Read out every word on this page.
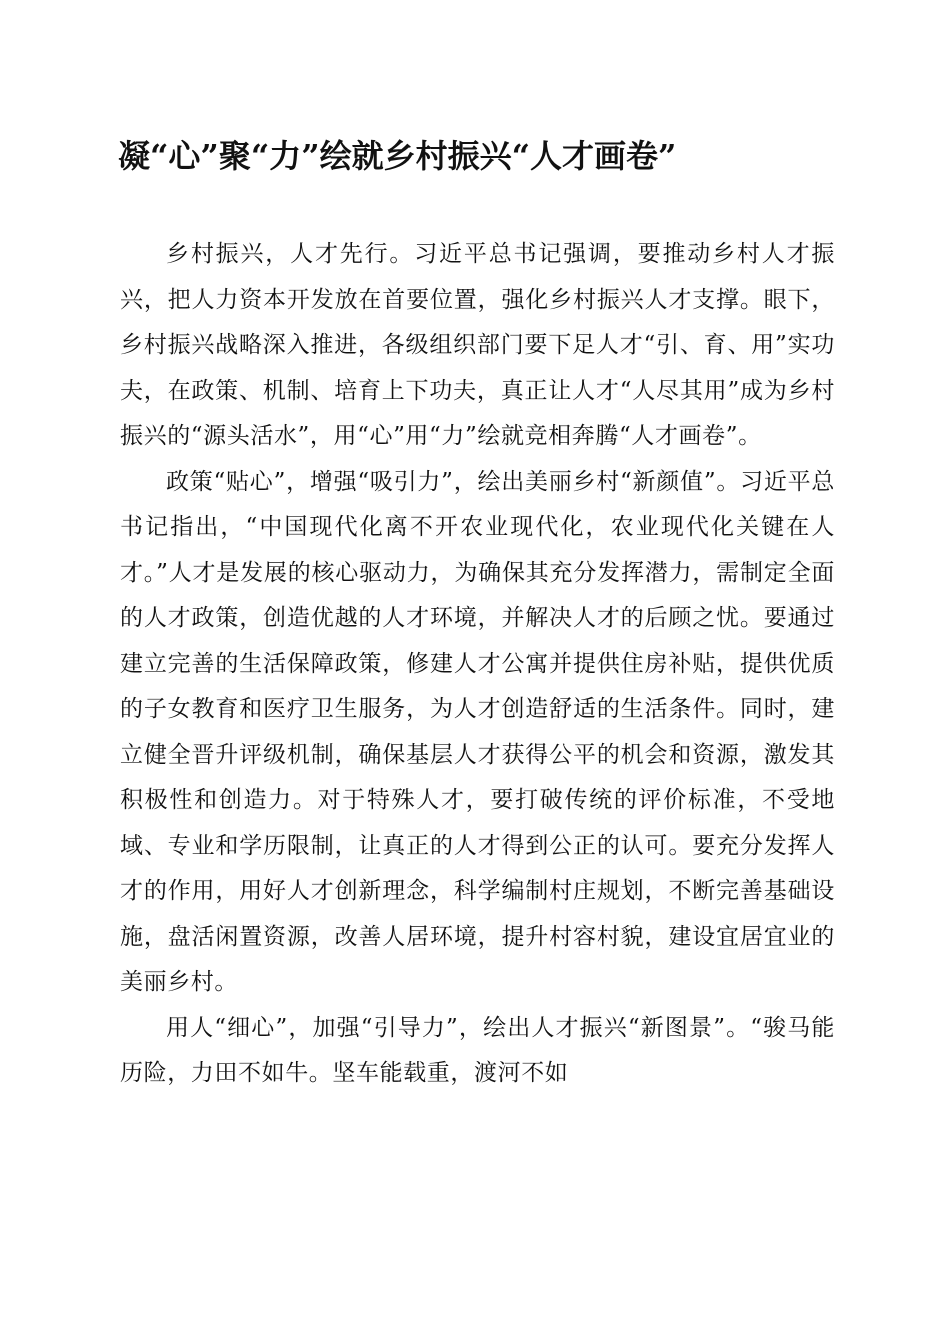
凝“心”聚“力”绘就乡村振兴“人才画卷”

乡村振兴，人才先行。习近平总书记强调，要推动乡村人才振兴，把人力资本开发放在首要位置，强化乡村振兴人才支撑。眼下，乡村振兴战略深入推进，各级组织部门要下足人才“引、育、用”实功夫，在政策、机制、培育上下功夫，真正让人才“人尽其用”成为乡村振兴的“源头活水”，用“心”用“力”绘就竞相奔腾“人才画卷”。

政策“贴心”，增强“吸引力”，绘出美丽乡村“新颜值”。习近平总书记指出，“中国现代化离不开农业现代化，农业现代化关键在人才。”人才是发展的核心驱动力，为确保其充分发挥潜力，需制定全面的人才政策，创造优越的人才环境，并解决人才的后顾之忧。要通过建立完善的生活保障政策，修建人才公寓并提供住房补贴，提供优质的子女教育和医疗卫生服务，为人才创造舒适的生活条件。同时，建立健全晋升评级机制，确保基层人才获得公平的机会和资源，激发其积极性和创造力。对于特殊人才，要打破传统的评价标准，不受地域、专业和学历限制，让真正的人才得到公正的认可。要充分发挥人才的作用，用好人才创新理念，科学编制村庄规划，不断完善基础设施，盘活闲置资源，改善人居环境，提升村容村貌，建设宜居宜业的美丽乡村。

用人“细心”，加强“引导力”，绘出人才振兴“新图景”。“骏马能历险，力田不如牛。坚车能载重，渡河不如
